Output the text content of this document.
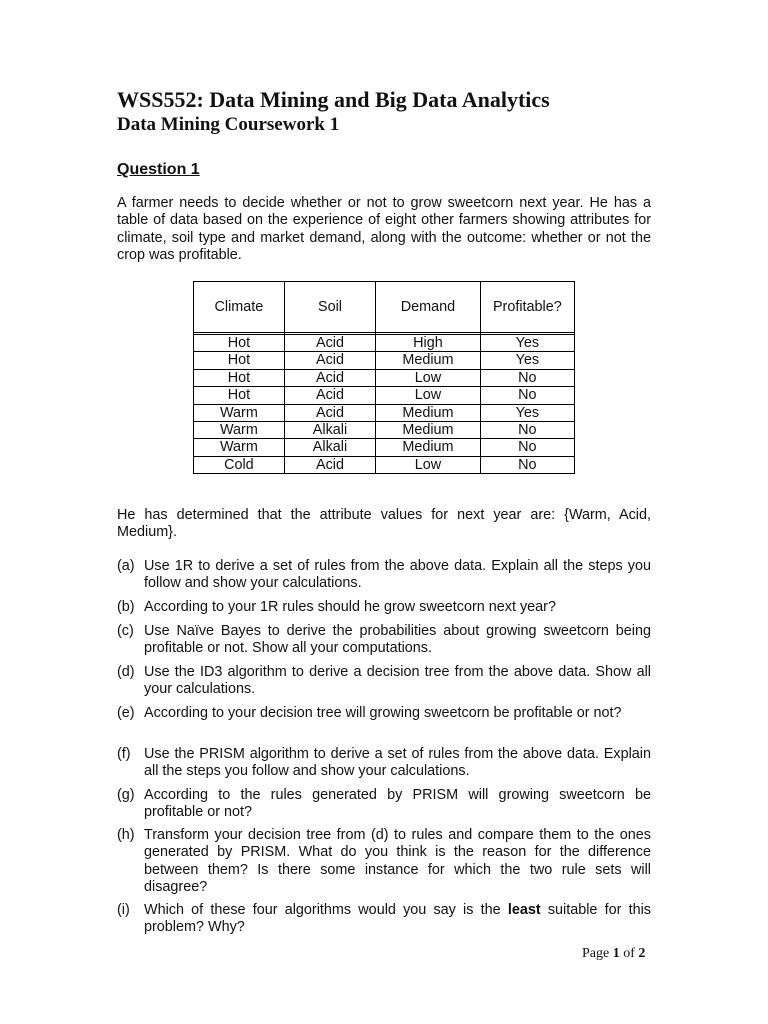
WSS552: Data Mining and Big Data Analytics
Data Mining Coursework 1
Question 1
A farmer needs to decide whether or not to grow sweetcorn next year. He has a table of data based on the experience of eight other farmers showing attributes for climate, soil type and market demand, along with the outcome: whether or not the crop was profitable.
Climate	Soil	Demand	Profitable?

Hot	Acid	High	Yes
Hot	Acid	Medium	Yes
Hot	Acid	Low	No
Hot	Acid	Low	No
Warm	Acid	Medium	Yes
Warm	Alkali	Medium	No
Warm	Alkali	Medium	No
Cold	Acid	Low	No
He has determined that the attribute values for next year are: {Warm, Acid, Medium}.
(a) Use 1R to derive a set of rules from the above data. Explain all the steps you follow and show your calculations.
(b) According to your 1R rules should he grow sweetcorn next year?
(c) Use Naïve Bayes to derive the probabilities about growing sweetcorn being profitable or not. Show all your computations.
(d) Use the ID3 algorithm to derive a decision tree from the above data. Show all your calculations.
(e) According to your decision tree will growing sweetcorn be profitable or not?
(f) Use the PRISM algorithm to derive a set of rules from the above data. Explain all the steps you follow and show your calculations.
(g) According to the rules generated by PRISM will growing sweetcorn be profitable or not?
(h) Transform your decision tree from (d) to rules and compare them to the ones generated by PRISM. What do you think is the reason for the difference between them? Is there some instance for which the two rule sets will disagree?
(i) Which of these four algorithms would you say is the least suitable for this problem? Why?
Page 1 of 2
